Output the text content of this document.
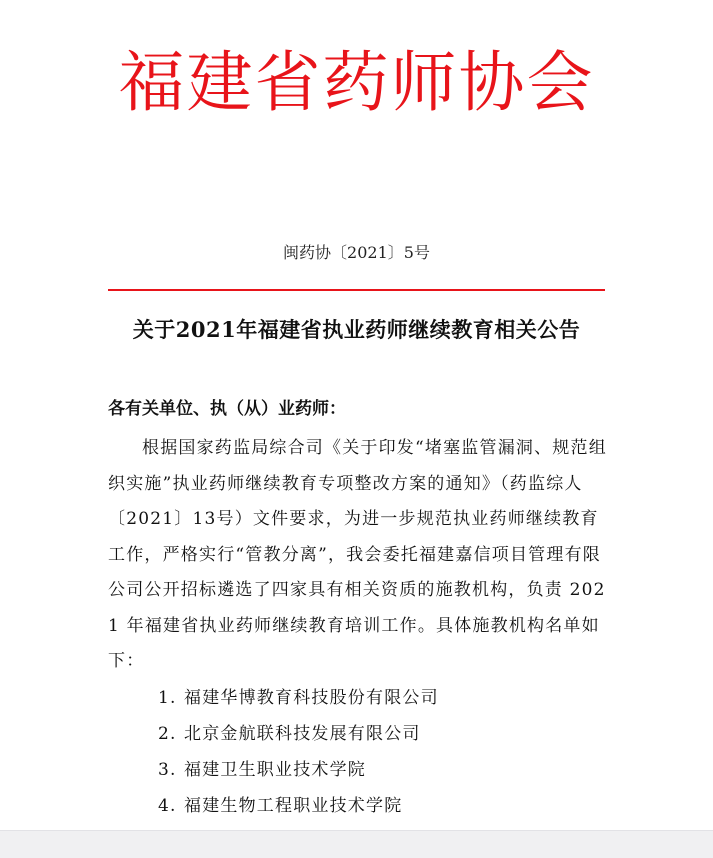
福建省药师协会
闽药协〔2021〕5号
关于2021年福建省执业药师继续教育相关公告
各有关单位、执（从）业药师：

根据国家药监局综合司《关于印发“堵塞监管漏洞、规范组织实施”执业药师继续教育专项整改方案的通知》（药监综人〔2021〕13号）文件要求，为进一步规范执业药师继续教育工作，严格实行“管教分离”，我会委托福建嘉信项目管理有限公司公开招标遴选了四家具有相关资质的施教机构，负责 2021 年福建省执业药师继续教育培训工作。具体施教机构名单如下：

1. 福建华博教育科技股份有限公司
2. 北京金航联科技发展有限公司
3. 福建卫生职业技术学院
4. 福建生物工程职业技术学院
